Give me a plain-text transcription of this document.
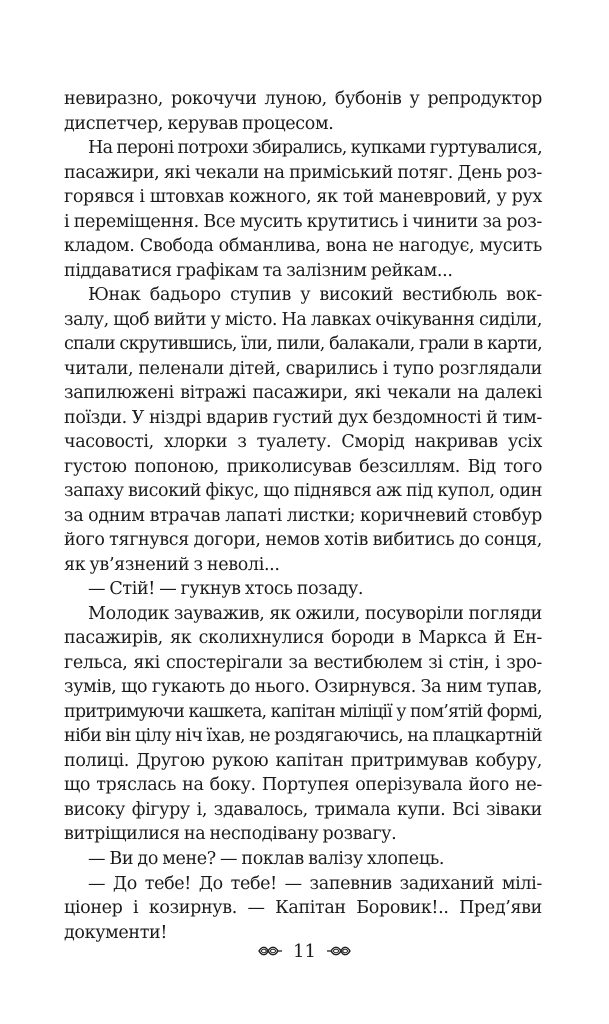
невиразно, рокочучи луною, бубонів у репродуктор
диспетчер, керував процесом.
На пероні потрохи збирались, купками гуртувалися,
пасажири, які чекали на приміський потяг. День роз-
горявся і штовхав кожного, як той маневровий, у рух
і переміщення. Все мусить крутитись і чинити за роз-
кладом. Свобода обманлива, вона не нагодує, мусить
піддаватися графікам та залізним рейкам...
Юнак бадьоро ступив у високий вестибюль вок-
залу, щоб вийти у місто. На лавках очікування сиділи,
спали скрутившись, їли, пили, балакали, грали в карти,
читали, пеленали дітей, сварились і тупо розглядали
запилюжені вітражі пасажири, які чекали на далекі
поїзди. У ніздрі вдарив густий дух бездомності й тим-
часовості, хлорки з туалету. Сморід накривав усіх
густою попоною, приколисував безсиллям. Від того
запаху високий фікус, що піднявся аж під купол, один
за одним втрачав лапаті листки; коричневий стовбур
його тягнувся догори, немов хотів вибитись до сонця,
як ув’язнений з неволі...
— Стій! — гукнув хтось позаду.
Молодик зауважив, як ожили, посуворіли погляди
пасажирів, як сколихнулися бороди в Маркса й Ен-
гельса, які спостерігали за вестибюлем зі стін, і зро-
зумів, що гукають до нього. Озирнувся. За ним тупав,
притримуючи кашкета, капітан міліції у пом’ятій формі,
ніби він цілу ніч їхав, не роздягаючись, на плацкартній
полиці. Другою рукою капітан притримував кобуру,
що тряслась на боку. Портупея оперізувала його не-
високу фігуру і, здавалось, тримала купи. Всі зіваки
витріщилися на несподівану розвагу.
— Ви до мене? — поклав валізу хлопець.
— До тебе! До тебе! — запевнив задиханий мілі-
ціонер і козирнув. — Капітан Боровик!.. Пред’яви
документи!
11
